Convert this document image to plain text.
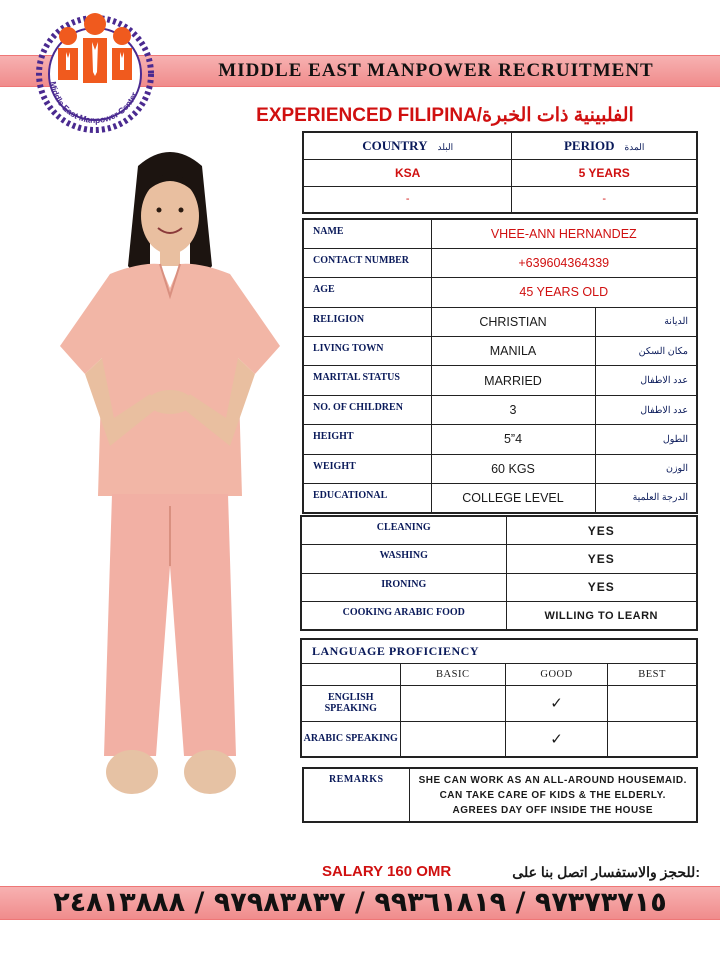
MIDDLE EAST MANPOWER RECRUITMENT
Middle East Manpower Center
EXPERIENCED FILIPINA/الفلبينية ذات الخبرة
COUNTRY البلد	PERIOD المدة
KSA	5 YEARS
-	-
NAME	VHEE-ANN HERNANDEZ	
CONTACT NUMBER	+639604364339	
AGE	45 YEARS OLD	
RELIGION	CHRISTIAN	الديانة
LIVING TOWN	MANILA	مكان السكن
MARITAL STATUS	MARRIED	عدد الاطفال
NO. OF CHILDREN	3	عدد الاطفال
HEIGHT	5”4	الطول
WEIGHT	60 KGS	الوزن
EDUCATIONAL	COLLEGE LEVEL	الدرجة العلمية
CLEANING	YES
WASHING	YES
IRONING	YES
COOKING ARABIC FOOD	WILLING TO LEARN
LANGUAGE PROFICIENCY			
	BASIC	GOOD	BEST
ENGLISH SPEAKING		✓	
ARABIC SPEAKING		✓	
REMARKS	SHE CAN WORK AS AN ALL-AROUND HOUSEMAID.
CAN TAKE CARE OF KIDS & THE ELDERLY.
AGREES DAY OFF INSIDE THE HOUSE
SALARY 160 OMR	للحجز والاستفسار اتصل بنا على:
٩٧٣٧٣٧١٥ / ٩٩٣٦١٨١٩ / ٩٧٩٨٣٨٣٧ / ٢٤٨١٣٨٨٨
